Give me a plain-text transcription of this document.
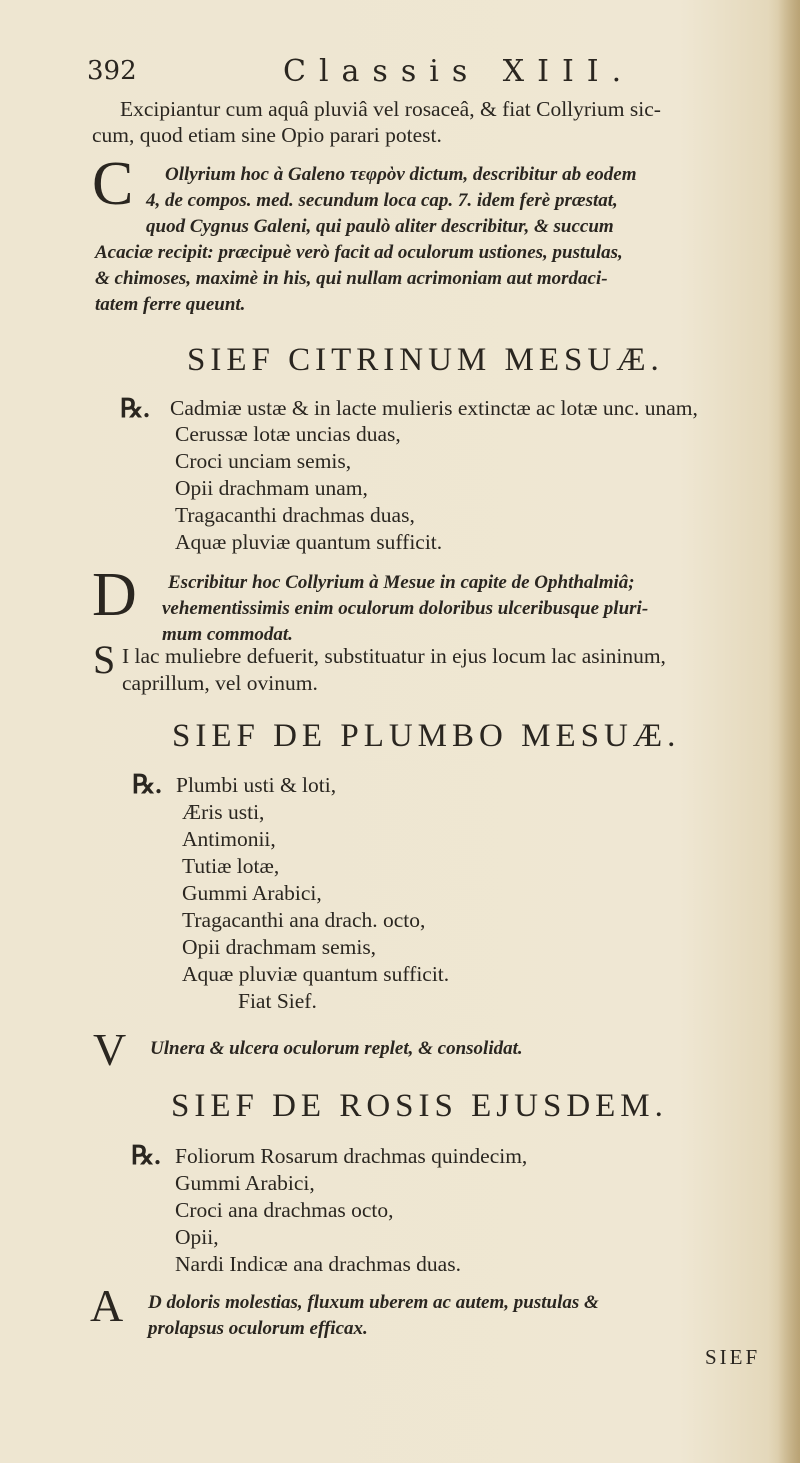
392	Classis XIII.
Excipiantur cum aquâ pluviâ vel rosaceâ, & fiat Collyrium sic-
cum, quod etiam sine Opio parari potest.
C Ollyrium hoc à Galeno τεφρὸν dictum, describitur ab eodem
4, de compos. med. secundum loca cap. 7. idem ferè præstat,
quod Cygnus Galeni, qui paulò aliter describitur, & succum
Acaciæ recipit: præcipuè verò facit ad oculorum ustiones, pustulas,
& chimoses, maximè in his, qui nullam acrimoniam aut mordaci-
tatem ferre queunt.
SIEF CITRINUM MESUÆ.
℞. Cadmiæ ustæ & in lacte mulieris extinctæ ac lotæ unc. unam,
Cerussæ lotæ uncias duas,
Croci unciam semis,
Opii drachmam unam,
Tragacanthi drachmas duas,
Aquæ pluviæ quantum sufficit.
D Escribitur hoc Collyrium à Mesue in capite de Ophthalmiâ;
vehementissimis enim oculorum doloribus ulceribusque pluri-
mum commodat.
S I lac muliebre defuerit, substituatur in ejus locum lac asininum,
caprillum, vel ovinum.
SIEF DE PLUMBO MESUÆ.
℞. Plumbi usti & loti,
Æris usti,
Antimonii,
Tutiæ lotæ,
Gummi Arabici,
Tragacanthi ana drach. octo,
Opii drachmam semis,
Aquæ pluviæ quantum sufficit.
Fiat Sief.
V Ulnera & ulcera oculorum replet, & consolidat.
SIEF DE ROSIS EJUSDEM.
℞. Foliorum Rosarum drachmas quindecim,
Gummi Arabici,
Croci ana drachmas octo,
Opii,
Nardi Indicæ ana drachmas duas.
A D doloris molestias, fluxum uberem ac autem, pustulas &
prolapsus oculorum efficax.
SIEF
